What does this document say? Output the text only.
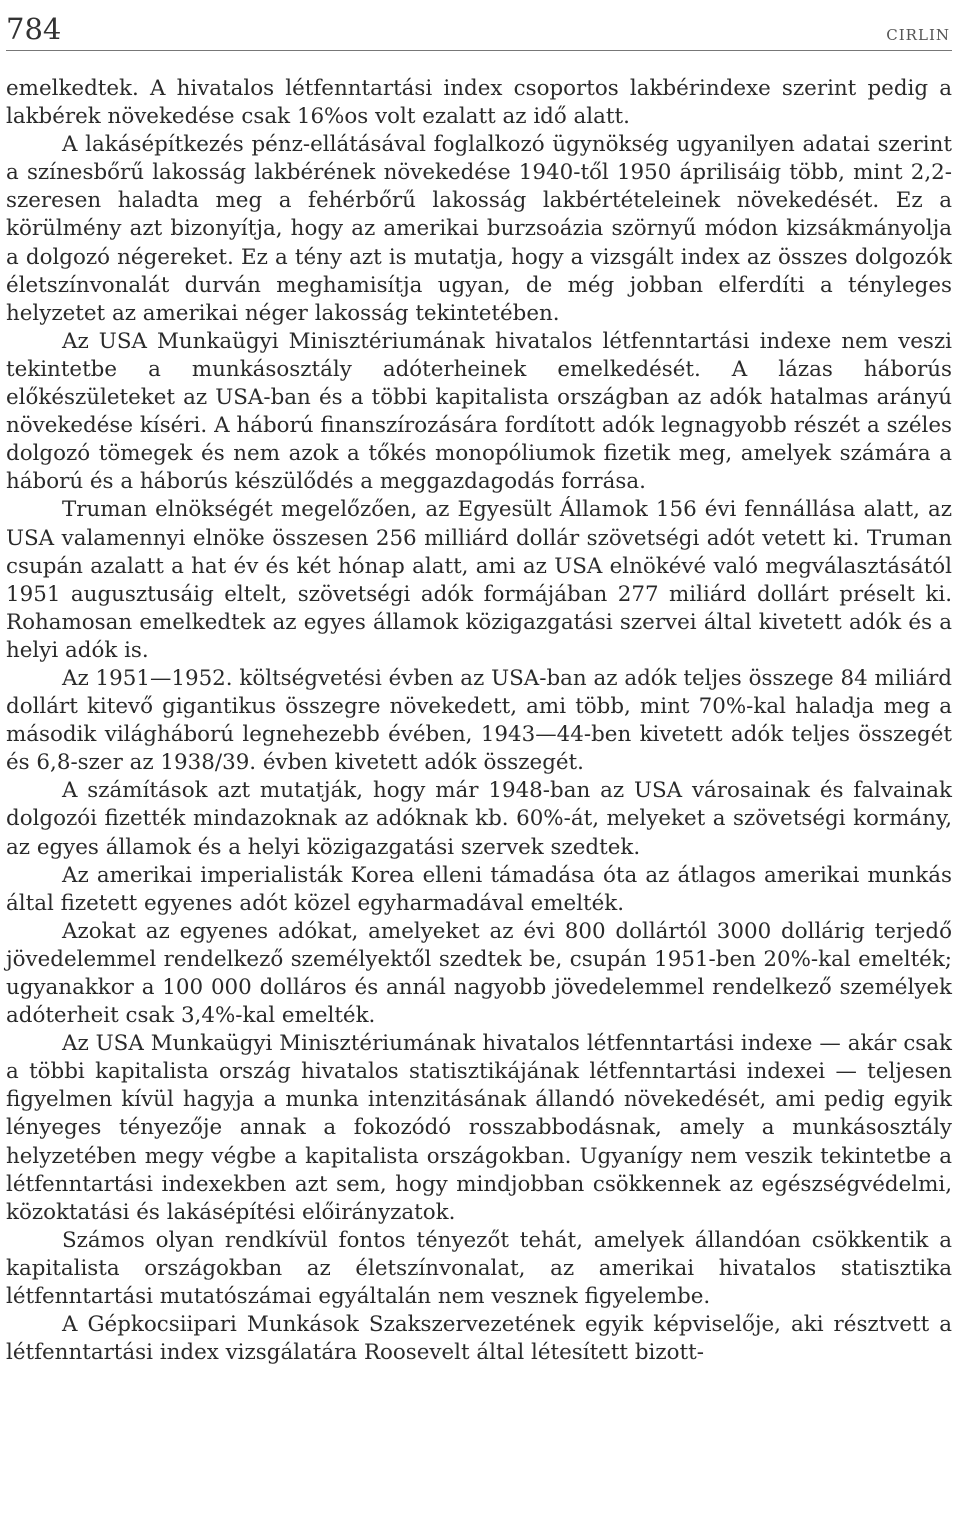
784	CIRLIN

emelkedtek. A hivatalos létfenntartási index csoportos lakbérindexe szerint pedig a lakbérek növekedése csak 16%os volt ezalatt az idő alatt.

A lakásépítkezés pénz-ellátásával foglalkozó ügynökség ugyanilyen adatai szerint a színesbőrű lakosság lakbérének növekedése 1940-től 1950 áprilisáig több, mint 2,2-szeresen haladta meg a fehérbőrű lakosság lakbértételeinek növekedését. Ez a körülmény azt bizonyítja, hogy az amerikai burzsoázia szörnyű módon kizsákmányolja a dolgozó négereket. Ez a tény azt is mutatja, hogy a vizsgált index az összes dolgozók életszínvonalát durván meghamisítja ugyan, de még jobban elferdíti a tényleges helyzetet az amerikai néger lakosság tekintetében.

Az USA Munkaügyi Minisztériumának hivatalos létfenntartási indexe nem veszi tekintetbe a munkásosztály adóterheinek emelkedését. A lázas háborús előkészületeket az USA-ban és a többi kapitalista országban az adók hatalmas arányú növekedése kíséri. A háború finanszírozására fordított adók legnagyobb részét a széles dolgozó tömegek és nem azok a tőkés monopóliumok fizetik meg, amelyek számára a háború és a háborús készülődés a meggazdagodás forrása.

Truman elnökségét megelőzően, az Egyesült Államok 156 évi fennállása alatt, az USA valamennyi elnöke összesen 256 milliárd dollár szövetségi adót vetett ki. Truman csupán azalatt a hat év és két hónap alatt, ami az USA elnökévé való megválasztásától 1951 augusztusáig eltelt, szövetségi adók formájában 277 miliárd dollárt préselt ki. Rohamosan emelkedtek az egyes államok közigazgatási szervei által kivetett adók és a helyi adók is.

Az 1951—1952. költségvetési évben az USA-ban az adók teljes összege 84 miliárd dollárt kitevő gigantikus összegre növekedett, ami több, mint 70%-kal haladja meg a második világháború legnehezebb évében, 1943—44-ben kivetett adók teljes összegét és 6,8-szer az 1938/39. évben kivetett adók összegét.

A számítások azt mutatják, hogy már 1948-ban az USA városainak és falvainak dolgozói fizették mindazoknak az adóknak kb. 60%-át, melyeket a szövetségi kormány, az egyes államok és a helyi közigazgatási szervek szedtek.

Az amerikai imperialisták Korea elleni támadása óta az átlagos amerikai munkás által fizetett egyenes adót közel egyharmadával emelték.

Azokat az egyenes adókat, amelyeket az évi 800 dollártól 3000 dollárig terjedő jövedelemmel rendelkező személyektől szedtek be, csupán 1951-ben 20%-kal emelték; ugyanakkor a 100 000 dolláros és annál nagyobb jövedelemmel rendelkező személyek adóterheit csak 3,4%-kal emelték.

Az USA Munkaügyi Minisztériumának hivatalos létfenntartási indexe — akár csak a többi kapitalista ország hivatalos statisztikájának létfenntartási indexei — teljesen figyelmen kívül hagyja a munka intenzitásának állandó növekedését, ami pedig egyik lényeges tényezője annak a fokozódó rosszabbodásnak, amely a munkásosztály helyzetében megy végbe a kapitalista országokban. Ugyanígy nem veszik tekintetbe a létfenntartási indexekben azt sem, hogy mindjobban csökkennek az egészségvédelmi, közoktatási és lakásépítési előirányzatok.

Számos olyan rendkívül fontos tényezőt tehát, amelyek állandóan csökkentik a kapitalista országokban az életszínvonalat, az amerikai hivatalos statisztika létfenntartási mutatószámai egyáltalán nem vesznek figyelembe.

A Gépkocsiipari Munkások Szakszervezetének egyik képviselője, aki résztvett a létfenntartási index vizsgálatára Roosevelt által létesített bizott-
